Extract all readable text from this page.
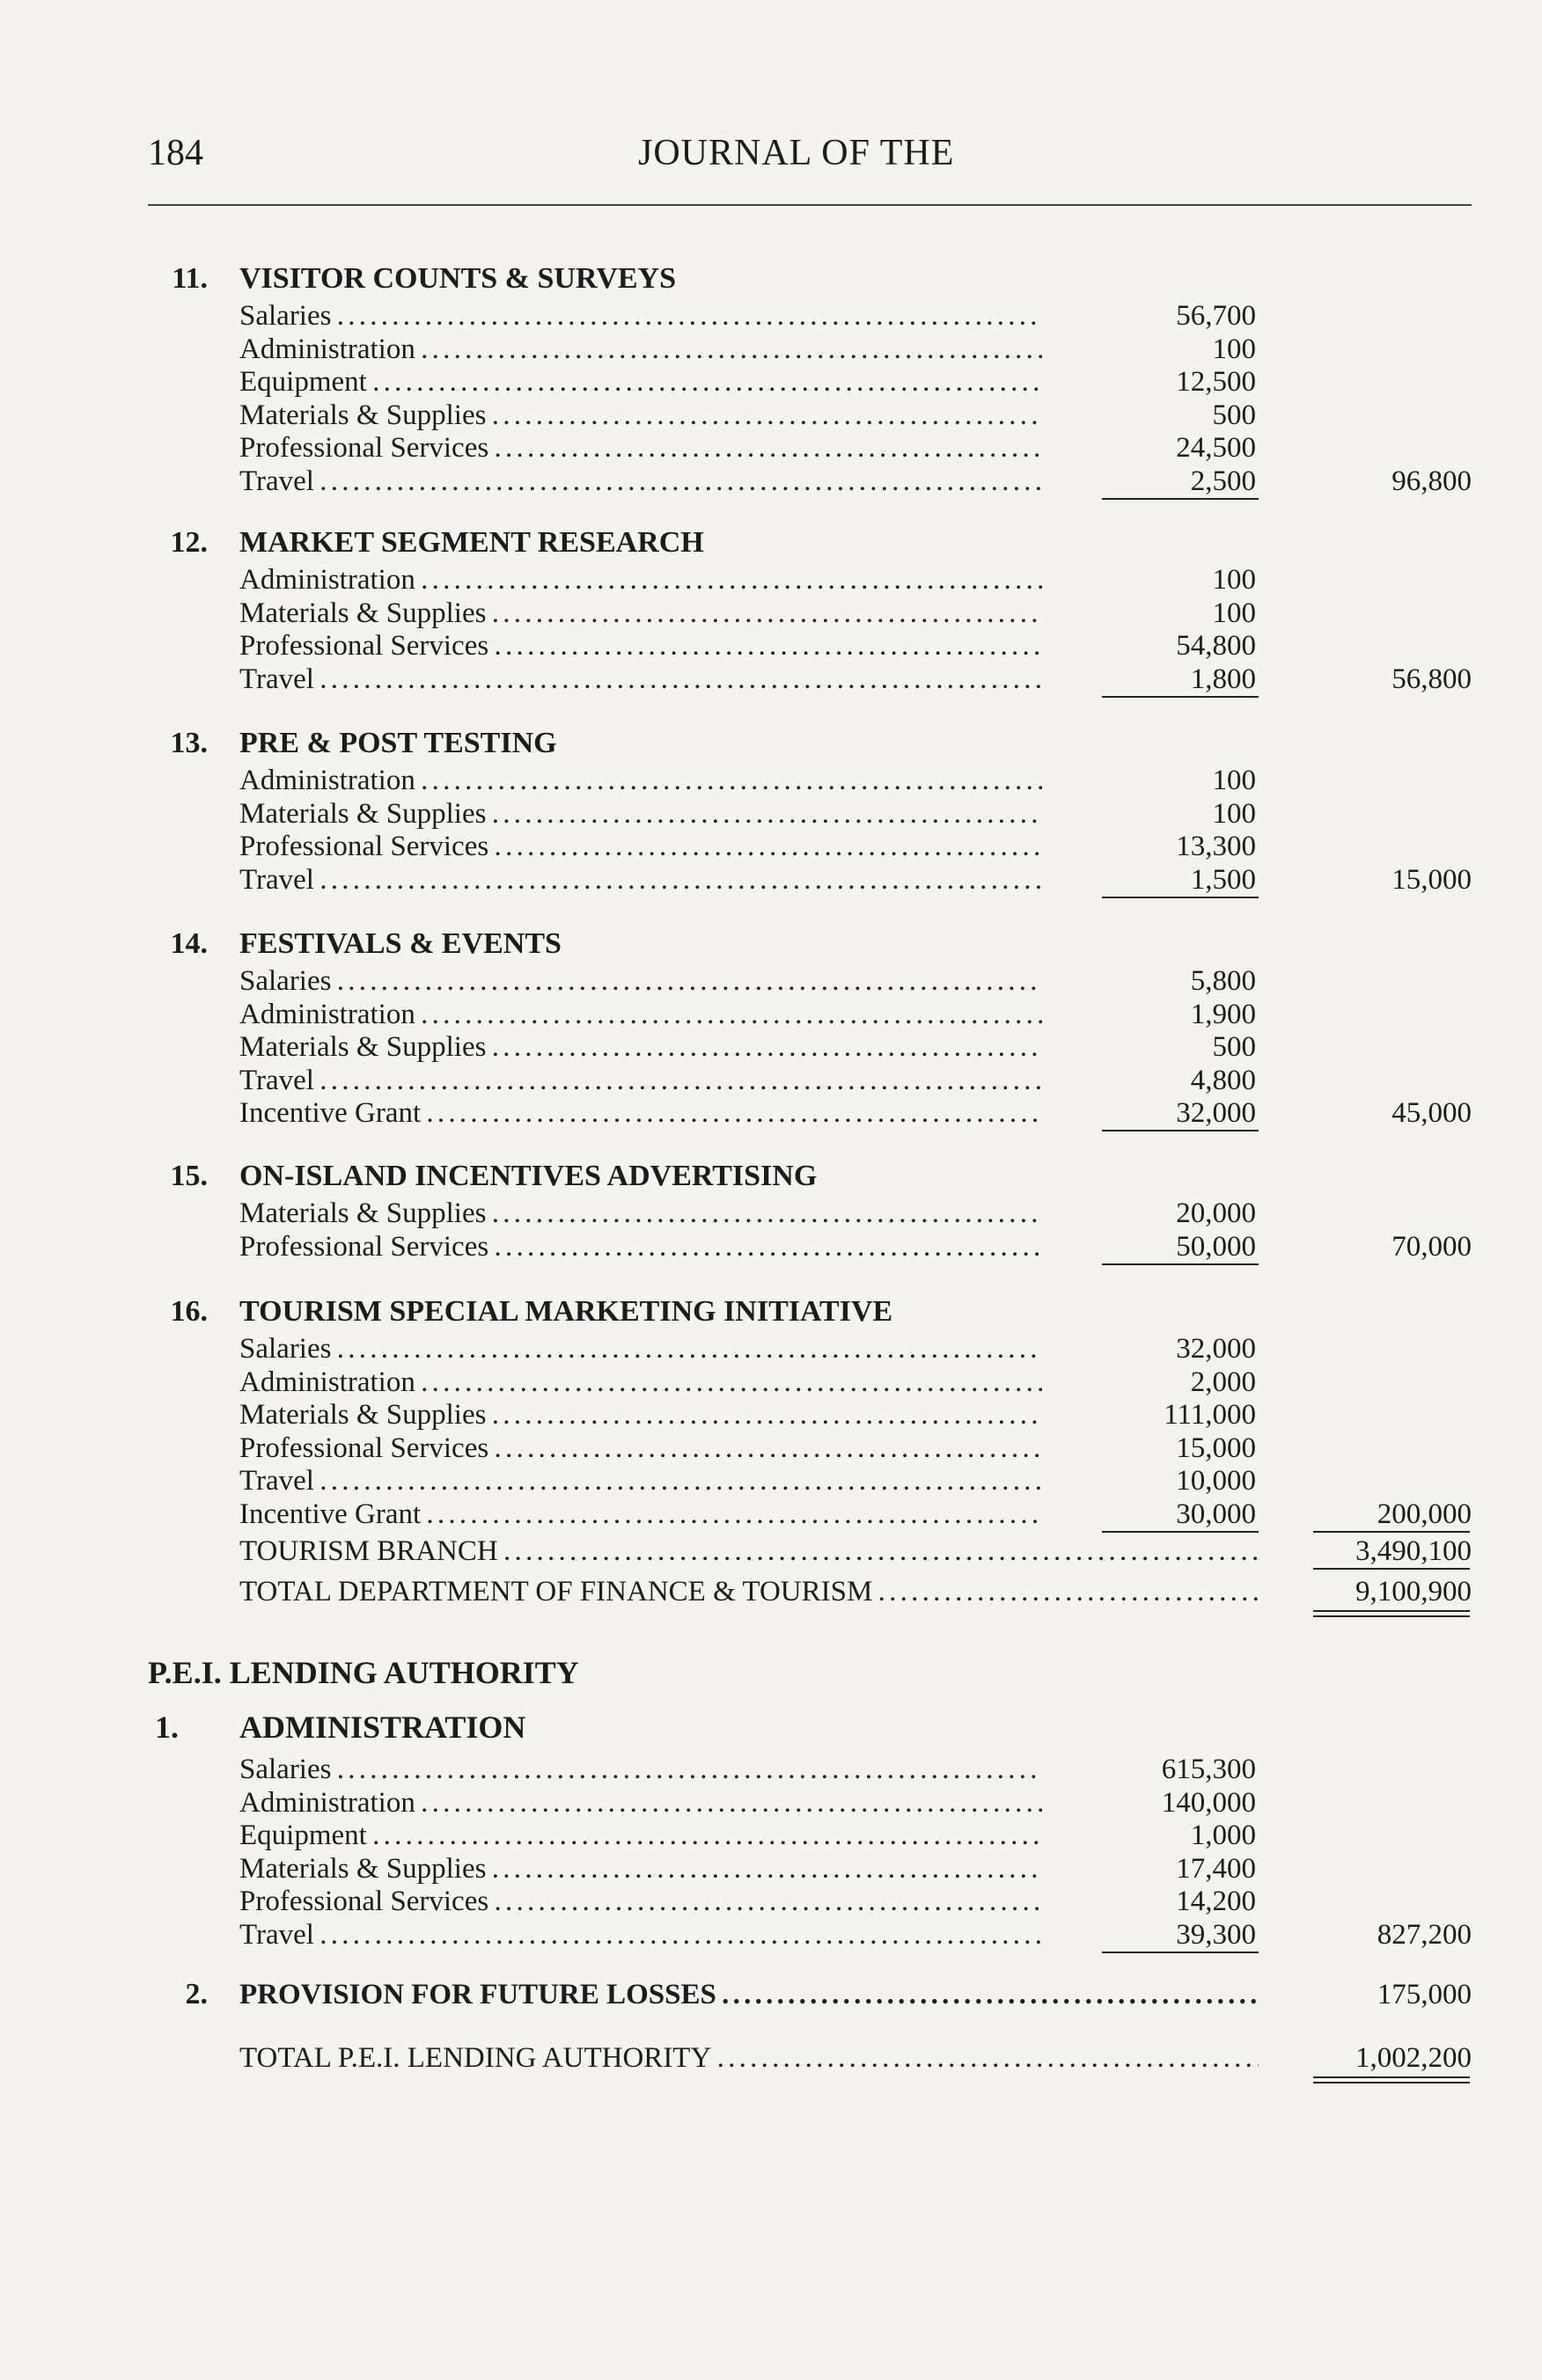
184	JOURNAL OF THE
11. VISITOR COUNTS & SURVEYS
Salaries . . .	56,700
Administration . . .	100
Equipment . . .	12,500
Materials & Supplies . . .	500
Professional Services . . .	24,500
Travel . . .	2,500	96,800
12. MARKET SEGMENT RESEARCH
Administration . . .	100
Materials & Supplies . . .	100
Professional Services . . .	54,800
Travel . . .	1,800	56,800
13. PRE & POST TESTING
Administration . . .	100
Materials & Supplies . . .	100
Professional Services . . .	13,300
Travel . . .	1,500	15,000
14. FESTIVALS & EVENTS
Salaries . . .	5,800
Administration . . .	1,900
Materials & Supplies . . .	500
Travel . . .	4,800
Incentive Grant . . .	32,000	45,000
15. ON-ISLAND INCENTIVES ADVERTISING
Materials & Supplies . . .	20,000
Professional Services . . .	50,000	70,000
16. TOURISM SPECIAL MARKETING INITIATIVE
Salaries . . .	32,000
Administration . . .	2,000
Materials & Supplies . . .	111,000
Professional Services . . .	15,000
Travel . . .	10,000
Incentive Grant . . .	30,000	200,000
TOURISM BRANCH . . .	3,490,100
TOTAL DEPARTMENT OF FINANCE & TOURISM . . .	9,100,900
P.E.I. LENDING AUTHORITY
1. ADMINISTRATION
Salaries . . .	615,300
Administration . . .	140,000
Equipment . . .	1,000
Materials & Supplies . . .	17,400
Professional Services . . .	14,200
Travel . . .	39,300	827,200
2. PROVISION FOR FUTURE LOSSES . . .	175,000
TOTAL P.E.I. LENDING AUTHORITY . . .	1,002,200
